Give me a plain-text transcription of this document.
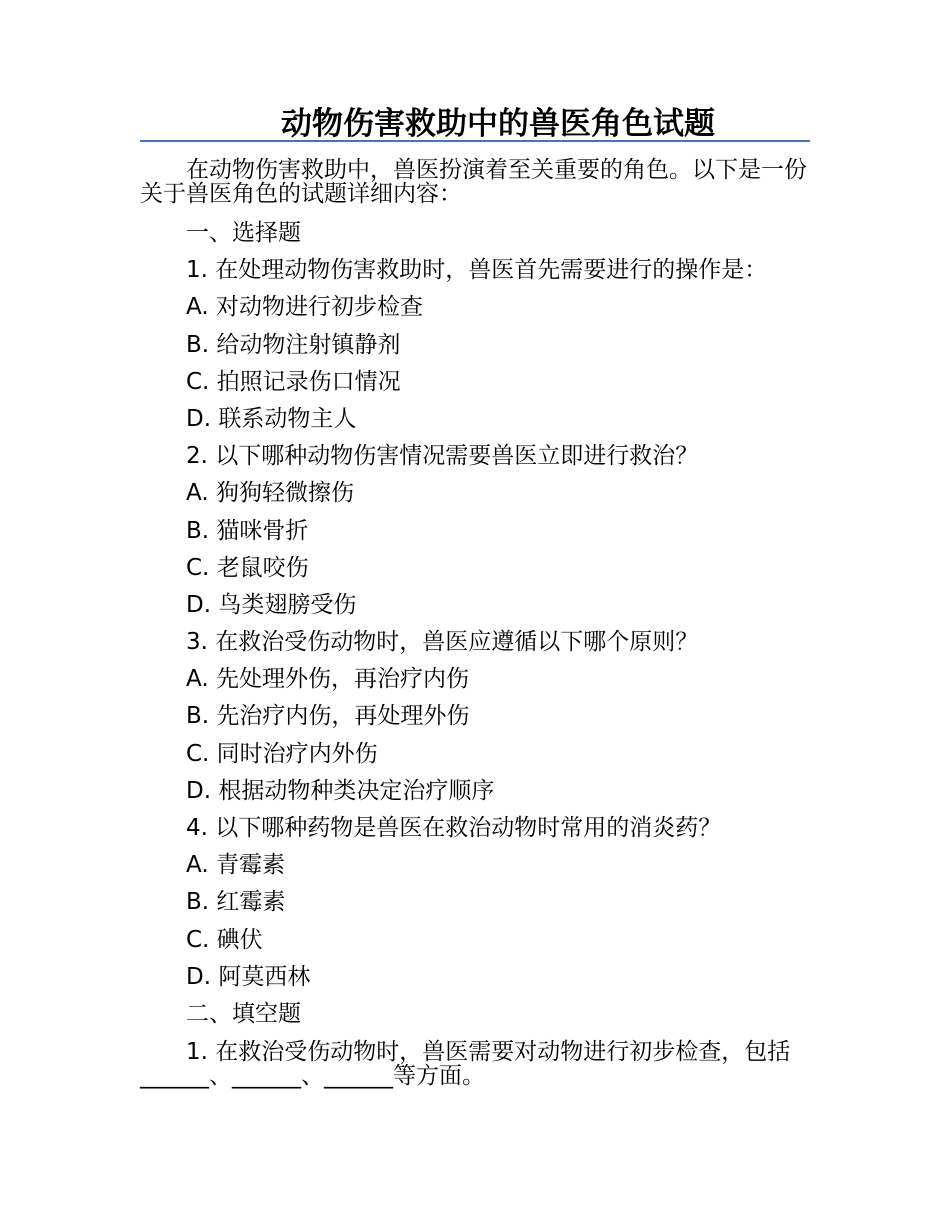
动物伤害救助中的兽医角色试题
在动物伤害救助中，兽医扮演着至关重要的角色。以下是一份关于兽医角色的试题详细内容：
一、选择题
1. 在处理动物伤害救助时，兽医首先需要进行的操作是：
A. 对动物进行初步检查
B. 给动物注射镇静剂
C. 拍照记录伤口情况
D. 联系动物主人
2. 以下哪种动物伤害情况需要兽医立即进行救治？
A. 狗狗轻微擦伤
B. 猫咪骨折
C. 老鼠咬伤
D. 鸟类翅膀受伤
3. 在救治受伤动物时，兽医应遵循以下哪个原则？
A. 先处理外伤，再治疗内伤
B. 先治疗内伤，再处理外伤
C. 同时治疗内外伤
D. 根据动物种类决定治疗顺序
4. 以下哪种药物是兽医在救治动物时常用的消炎药？
A. 青霉素
B. 红霉素
C. 碘伏
D. 阿莫西林
二、填空题
1. 在救治受伤动物时，兽医需要对动物进行初步检查，包括______、______、______等方面。
